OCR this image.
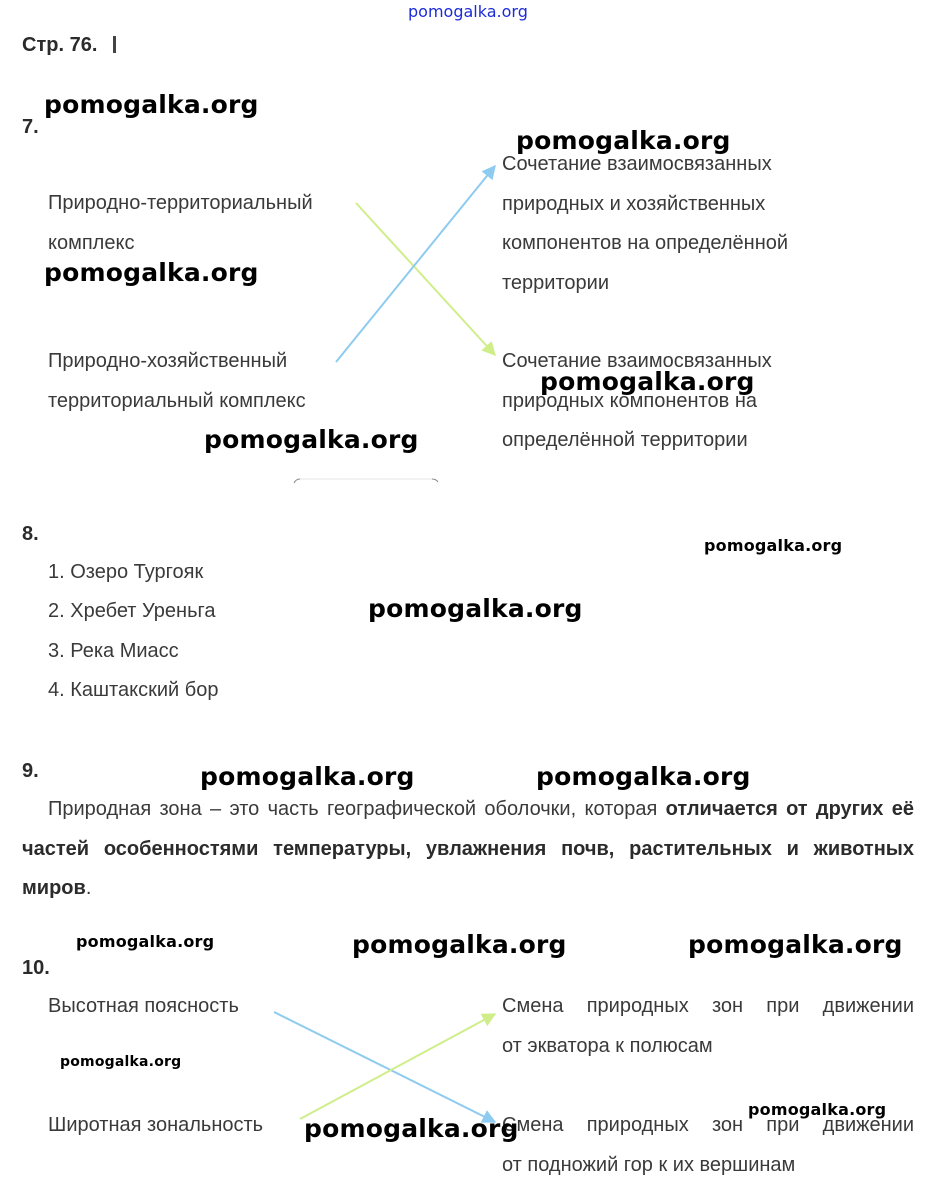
Стр. 76.
7.
Природно-территориальный
комплекс
Природно-хозяйственный
территориальный комплекс
Сочетание взаимосвязанных
природных и хозяйственных
компонентов на определённой
территории
Сочетание взаимосвязанных
природных компонентов на
определённой территории
8.
1. Озеро Тургояк
2. Хребет Уреньга
3. Река Миасс
4. Каштакский бор
9.
Природная зона – это часть географической оболочки, которая отличается от других её частей особенностями температуры, увлажнения почв, растительных и животных миров.
10.
Высотная поясность
Широтная зональность
Смена природных зон при движении
от экватора к полюсам
Смена природных зон при движении
от подножий гор к их вершинам
pomogalka.org
pomogalka.org
pomogalka.org
pomogalka.org
pomogalka.org
pomogalka.org
pomogalka.org
pomogalka.org
pomogalka.org	pomogalka.org
pomogalka.org	pomogalka.org	pomogalka.org
pomogalka.org
pomogalka.org
pomogalka.org
